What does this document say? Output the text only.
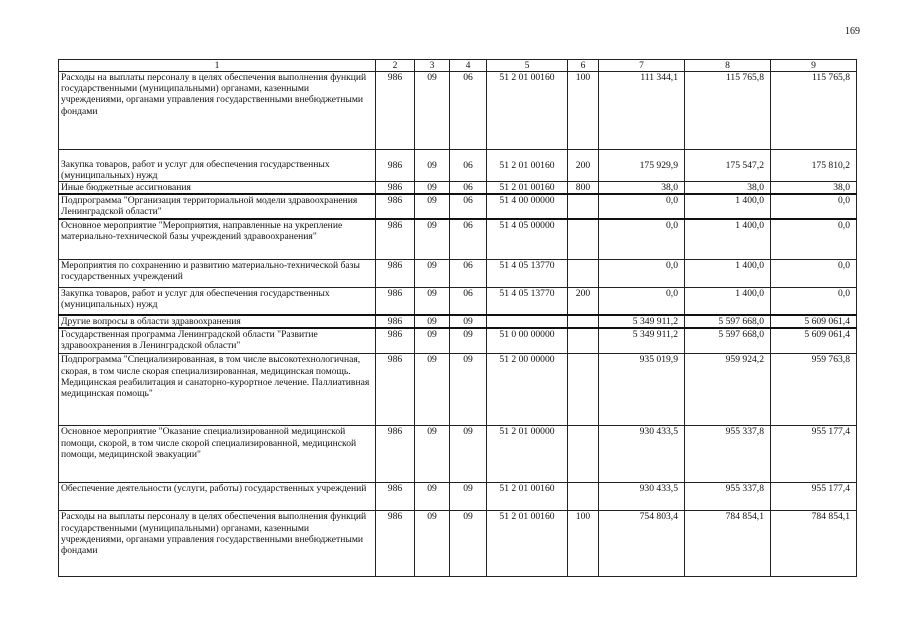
169
1	2	3	4	5	6	7	8	9
Расходы на выплаты персоналу в целях обеспечения выполнения функций государственными (муниципальными) органами, казенными учреждениями, органами управления государственными внебюджетными фондами	986	09	06	51 2 01 00160	100	111 344,1	115 765,8	115 765,8
Закупка товаров, работ и услуг для обеспечения государственных (муниципальных) нужд	986	09	06	51 2 01 00160	200	175 929,9	175 547,2	175 810,2
Иные бюджетные ассигнования	986	09	06	51 2 01 00160	800	38,0	38,0	38,0
Подпрограмма "Организация территориальной модели здравоохранения Ленинградской области"	986	09	06	51 4 00 00000		0,0	1 400,0	0,0
Основное мероприятие "Мероприятия, направленные на укрепление материально-технической базы учреждений здравоохранения"	986	09	06	51 4 05 00000		0,0	1 400,0	0,0
Мероприятия по сохранению и развитию материально-технической базы государственных учреждений	986	09	06	51 4 05 13770		0,0	1 400,0	0,0
Закупка товаров, работ и услуг для обеспечения государственных (муниципальных) нужд	986	09	06	51 4 05 13770	200	0,0	1 400,0	0,0
Другие вопросы в области здравоохранения	986	09	09			5 349 911,2	5 597 668,0	5 609 061,4
Государственная программа Ленинградской области "Развитие здравоохранения в Ленинградской области"	986	09	09	51 0 00 00000		5 349 911,2	5 597 668,0	5 609 061,4
Подпрограмма "Специализированная, в том числе высокотехнологичная, скорая, в том числе скорая специализированная, медицинская помощь. Медицинская реабилитация и санаторно-курортное лечение. Паллиативная медицинская помощь"	986	09	09	51 2 00 00000		935 019,9	959 924,2	959 763,8
Основное мероприятие "Оказание специализированной медицинской помощи, скорой, в том числе скорой специализированной, медицинской помощи, медицинской эвакуации"	986	09	09	51 2 01 00000		930 433,5	955 337,8	955 177,4
Обеспечение деятельности (услуги, работы) государственных учреждений	986	09	09	51 2 01 00160		930 433,5	955 337,8	955 177,4
Расходы на выплаты персоналу в целях обеспечения выполнения функций государственными (муниципальными) органами, казенными учреждениями, органами управления государственными внебюджетными фондами	986	09	09	51 2 01 00160	100	754 803,4	784 854,1	784 854,1
